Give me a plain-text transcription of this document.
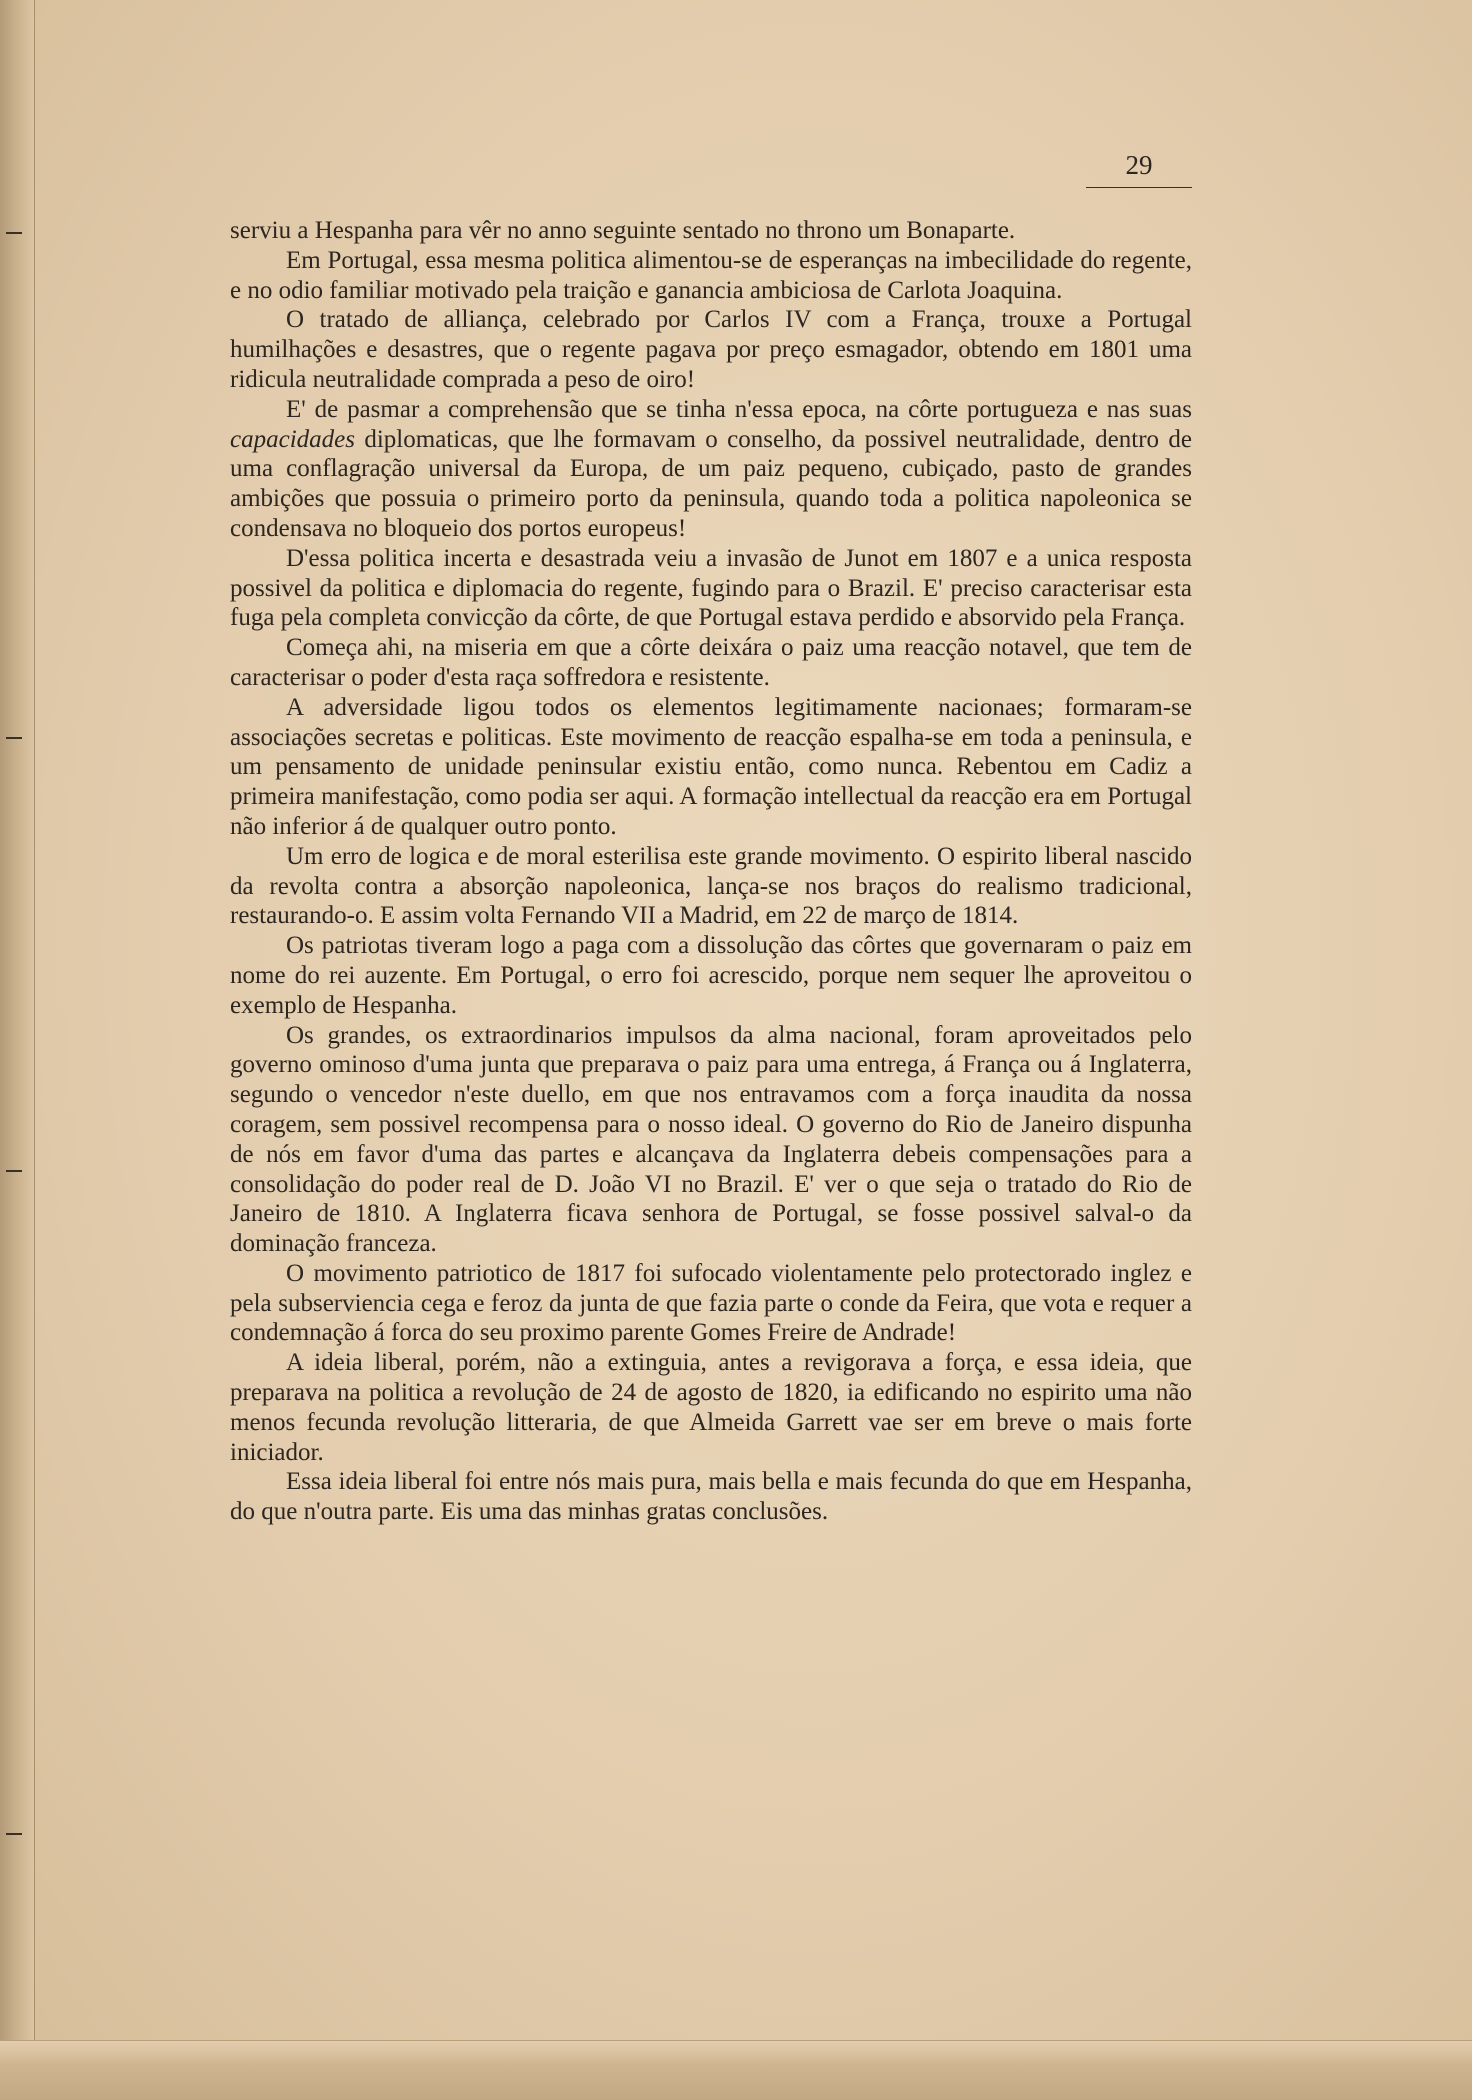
29

serviu a Hespanha para vêr no anno seguinte sentado no throno um Bonaparte.

Em Portugal, essa mesma politica alimentou-se de esperanças na imbecilidade do regente, e no odio familiar motivado pela traição e ganancia ambiciosa de Carlota Joaquina.

O tratado de alliança, celebrado por Carlos IV com a França, trouxe a Portugal humilhações e desastres, que o regente pagava por preço esmagador, obtendo em 1801 uma ridicula neutralidade comprada a peso de oiro!

E' de pasmar a comprehensão que se tinha n'essa epoca, na côrte portugueza e nas suas capacidades diplomaticas, que lhe formavam o conselho, da possivel neutralidade, dentro de uma conflagração universal da Europa, de um paiz pequeno, cubiçado, pasto de grandes ambições que possuia o primeiro porto da peninsula, quando toda a politica napoleonica se condensava no bloqueio dos portos europeus!

D'essa politica incerta e desastrada veiu a invasão de Junot em 1807 e a unica resposta possivel da politica e diplomacia do regente, fugindo para o Brazil. E' preciso caracterisar esta fuga pela completa convicção da côrte, de que Portugal estava perdido e absorvido pela França.

Começa ahi, na miseria em que a côrte deixára o paiz uma reacção notavel, que tem de caracterisar o poder d'esta raça soffredora e resistente.

A adversidade ligou todos os elementos legitimamente nacionaes; formaram-se associações secretas e politicas. Este movimento de reacção espalha-se em toda a peninsula, e um pensamento de unidade peninsular existiu então, como nunca. Rebentou em Cadiz a primeira manifestação, como podia ser aqui. A formação intellectual da reacção era em Portugal não inferior á de qualquer outro ponto.

Um erro de logica e de moral esterilisa este grande movimento. O espirito liberal nascido da revolta contra a absorção napoleonica, lança-se nos braços do realismo tradicional, restaurando-o. E assim volta Fernando VII a Madrid, em 22 de março de 1814.

Os patriotas tiveram logo a paga com a dissolução das côrtes que governaram o paiz em nome do rei auzente. Em Portugal, o erro foi acrescido, porque nem sequer lhe aproveitou o exemplo de Hespanha.

Os grandes, os extraordinarios impulsos da alma nacional, foram aproveitados pelo governo ominoso d'uma junta que preparava o paiz para uma entrega, á França ou á Inglaterra, segundo o vencedor n'este duello, em que nos entravamos com a força inaudita da nossa coragem, sem possivel recompensa para o nosso ideal. O governo do Rio de Janeiro dispunha de nós em favor d'uma das partes e alcançava da Inglaterra debeis compensações para a consolidação do poder real de D. João VI no Brazil. E' ver o que seja o tratado do Rio de Janeiro de 1810. A Inglaterra ficava senhora de Portugal, se fosse possivel salval-o da dominação franceza.

O movimento patriotico de 1817 foi sufocado violentamente pelo protectorado inglez e pela subserviencia cega e feroz da junta de que fazia parte o conde da Feira, que vota e requer a condemnação á forca do seu proximo parente Gomes Freire de Andrade!

A ideia liberal, porém, não a extinguia, antes a revigorava a força, e essa ideia, que preparava na politica a revolução de 24 de agosto de 1820, ia edificando no espirito uma não menos fecunda revolução litteraria, de que Almeida Garrett vae ser em breve o mais forte iniciador.

Essa ideia liberal foi entre nós mais pura, mais bella e mais fecunda do que em Hespanha, do que n'outra parte. Eis uma das minhas gratas conclusões.
